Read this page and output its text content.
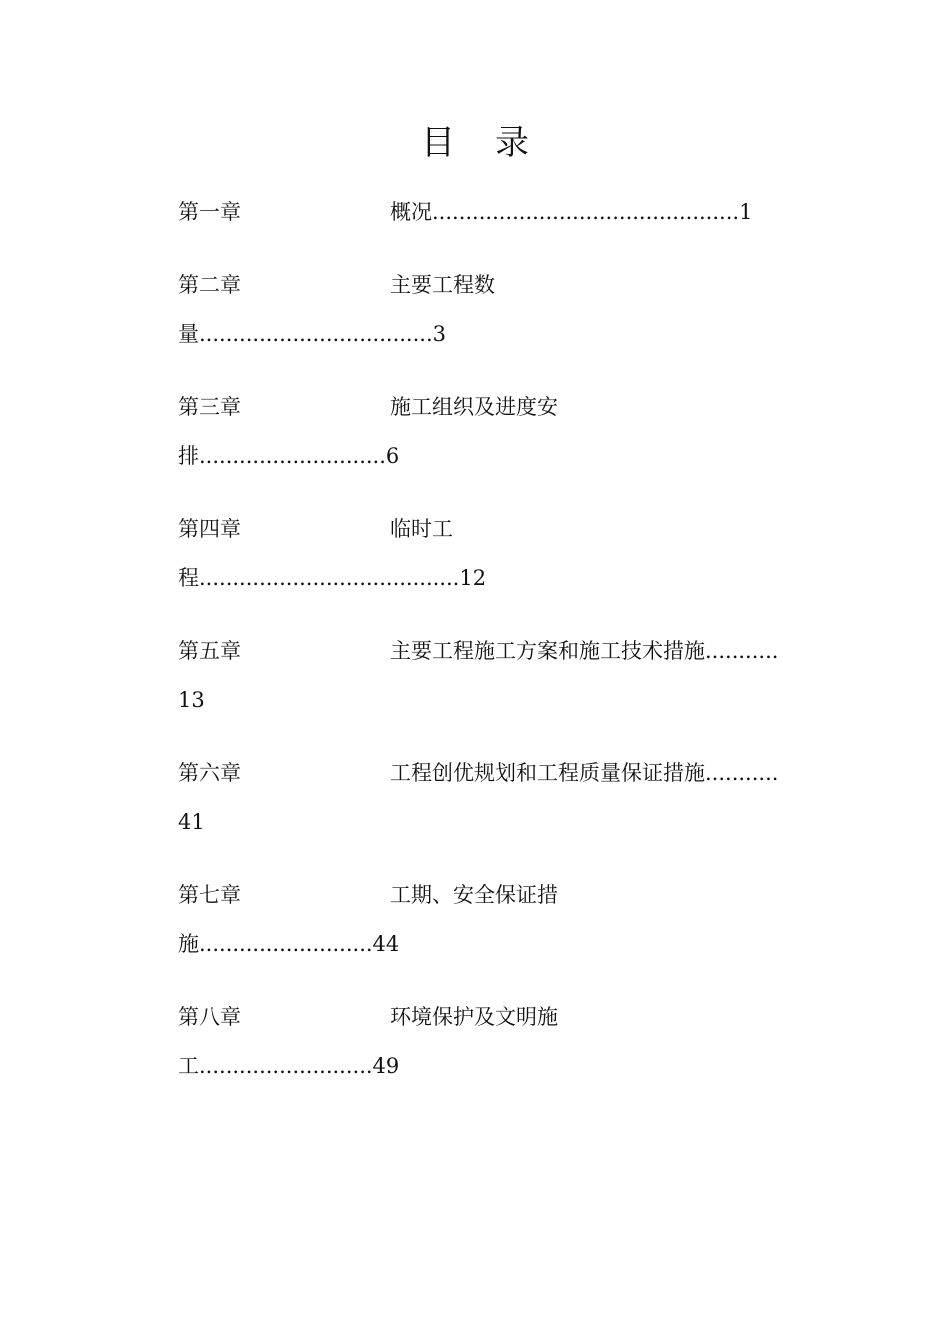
目 录
第一章	概况..............................................1
第二章	主要工程数
量...................................3
第三章	施工组织及进度安
排............................6
第四章	临时工
程.......................................12
第五章	主要工程施工方案和施工技术措施...........
13
第六章	工程创优规划和工程质量保证措施...........
41
第七章	工期、安全保证措
施..........................44
第八章	环境保护及文明施
工..........................49
